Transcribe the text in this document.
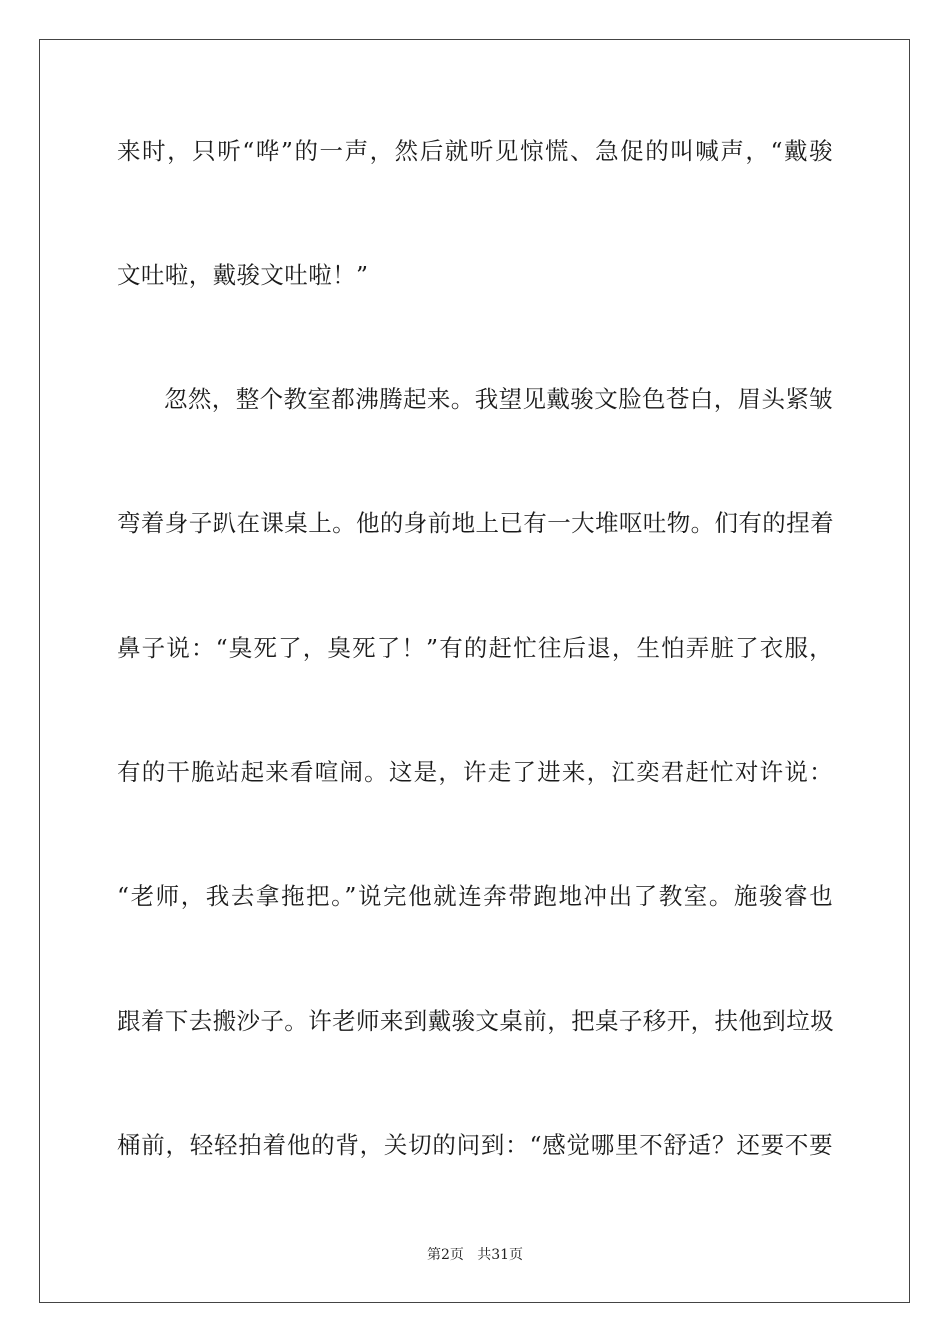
来时，只听“哗”的一声，然后就听见惊慌、急促的叫喊声，“戴骏
文吐啦，戴骏文吐啦！”
忽然，整个教室都沸腾起来。我望见戴骏文脸色苍白，眉头紧皱
弯着身子趴在课桌上。他的身前地上已有一大堆呕吐物。们有的捏着
鼻子说：“臭死了，臭死了！”有的赶忙往后退，生怕弄脏了衣服，
有的干脆站起来看喧闹。这是，许走了进来，江奕君赶忙对许说：
“老师，我去拿拖把。”说完他就连奔带跑地冲出了教室。施骏睿也
跟着下去搬沙子。许老师来到戴骏文桌前，把桌子移开，扶他到垃圾
桶前，轻轻拍着他的背，关切的问到：“感觉哪里不舒适？还要不要
第2页   共31页
